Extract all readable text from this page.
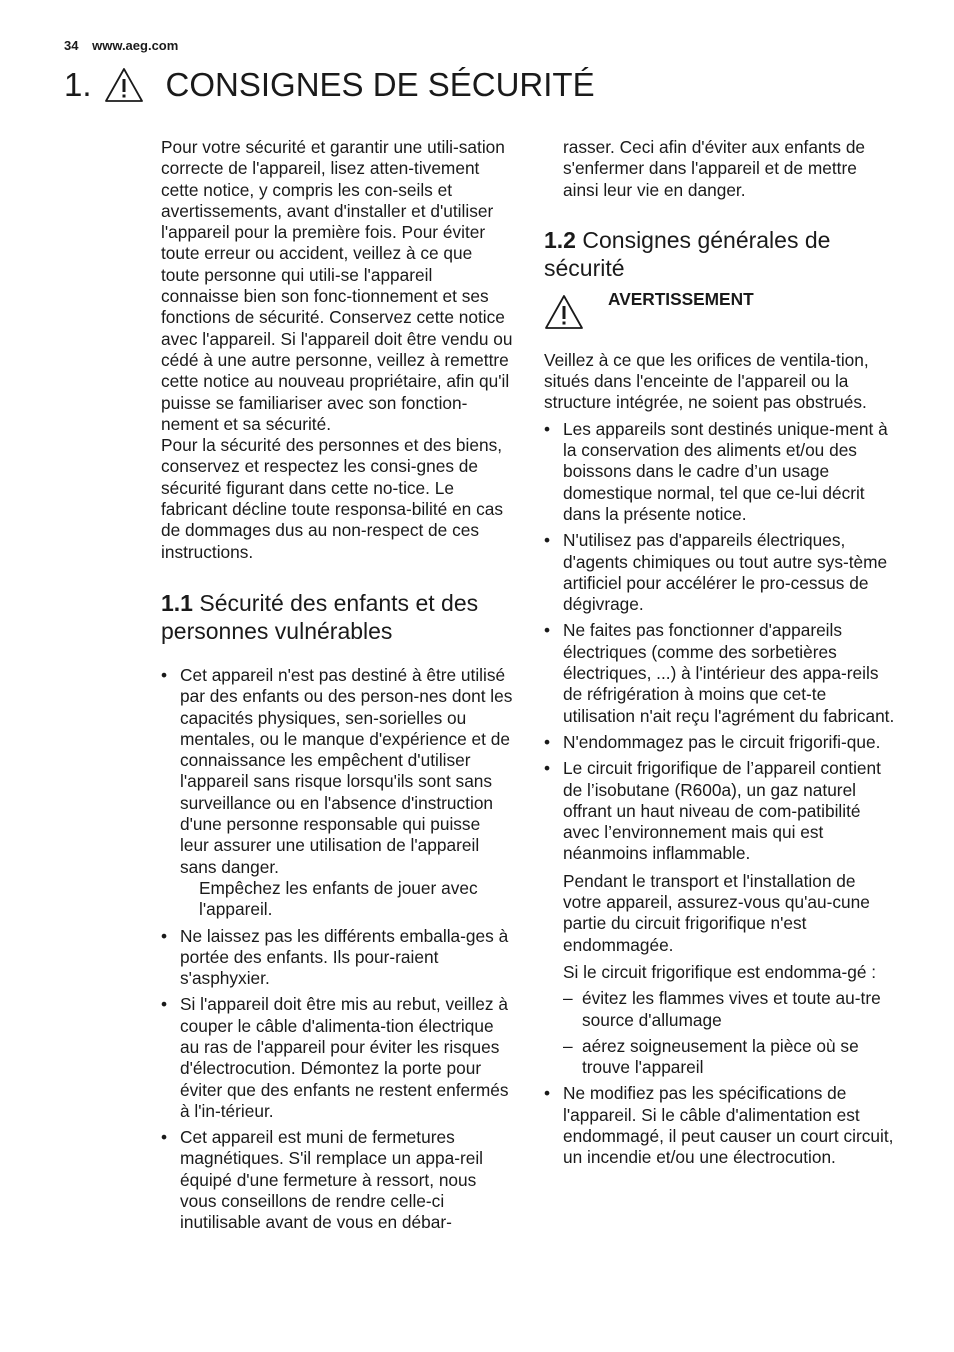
34 www.aeg.com
1. CONSIGNES DE SÉCURITÉ

Pour votre sécurité et garantir une utili-sation correcte de l'appareil, lisez atten-tivement cette notice, y compris les con-seils et avertissements, avant d'installer et d'utiliser l'appareil pour la première fois. Pour éviter toute erreur ou accident, veillez à ce que toute personne qui utili-se l'appareil connaisse bien son fonc-tionnement et ses fonctions de sécurité. Conservez cette notice avec l'appareil. Si l'appareil doit être vendu ou cédé à une autre personne, veillez à remettre cette notice au nouveau propriétaire, afin qu'il puisse se familiariser avec son fonction-nement et sa sécurité.

Pour la sécurité des personnes et des biens, conservez et respectez les consi-gnes de sécurité figurant dans cette no-tice. Le fabricant décline toute responsa-bilité en cas de dommages dus au non-respect de ces instructions.

1.1 Sécurité des enfants et des personnes vulnérables
• Cet appareil n'est pas destiné à être utilisé par des enfants ou des person-nes dont les capacités physiques, sen-sorielles ou mentales, ou le manque d'expérience et de connaissance les empêchent d'utiliser l'appareil sans risque lorsqu'ils sont sans surveillance ou en l'absence d'instruction d'une personne responsable qui puisse leur assurer une utilisation de l'appareil sans danger.

Empêchez les enfants de jouer avec l'appareil.

• Ne laissez pas les différents emballa-ges à portée des enfants. Ils pour-raient s'asphyxier.
• Si l'appareil doit être mis au rebut, veillez à couper le câble d'alimenta-tion électrique au ras de l'appareil pour éviter les risques d'électrocution. Démontez la porte pour éviter que des enfants ne restent enfermés à l'in-térieur.
• Cet appareil est muni de fermetures magnétiques. S'il remplace un appa-reil équipé d'une fermeture à ressort, nous vous conseillons de rendre celle-ci inutilisable avant de vous en débar-

rasser. Ceci afin d'éviter aux enfants de s'enfermer dans l'appareil et de mettre ainsi leur vie en danger.

1.2 Consignes générales de sécurité
AVERTISSEMENT

Veillez à ce que les orifices de ventila-tion, situés dans l'enceinte de l'appareil ou la structure intégrée, ne soient pas obstrués.

• Les appareils sont destinés unique-ment à la conservation des aliments et/ou des boissons dans le cadre d’un usage domestique normal, tel que ce-lui décrit dans la présente notice.
• N'utilisez pas d'appareils électriques, d'agents chimiques ou tout autre sys-tème artificiel pour accélérer le pro-cessus de dégivrage.
• Ne faites pas fonctionner d'appareils électriques (comme des sorbetières électriques, ...) à l'intérieur des appa-reils de réfrigération à moins que cet-te utilisation n'ait reçu l'agrément du fabricant.
• N'endommagez pas le circuit frigorifi-que.
• Le circuit frigorifique de l’appareil contient de l’isobutane (R600a), un gaz naturel offrant un haut niveau de com-patibilité avec l’environnement mais qui est néanmoins inflammable.

Pendant le transport et l'installation de votre appareil, assurez-vous qu'au-cune partie du circuit frigorifique n'est endommagée.

Si le circuit frigorifique est endomma-gé :

– évitez les flammes vives et toute au-tre source d'allumage
– aérez soigneusement la pièce où se trouve l'appareil
• Ne modifiez pas les spécifications de l'appareil. Si le câble d'alimentation est endommagé, il peut causer un court circuit, un incendie et/ou une électrocution.
